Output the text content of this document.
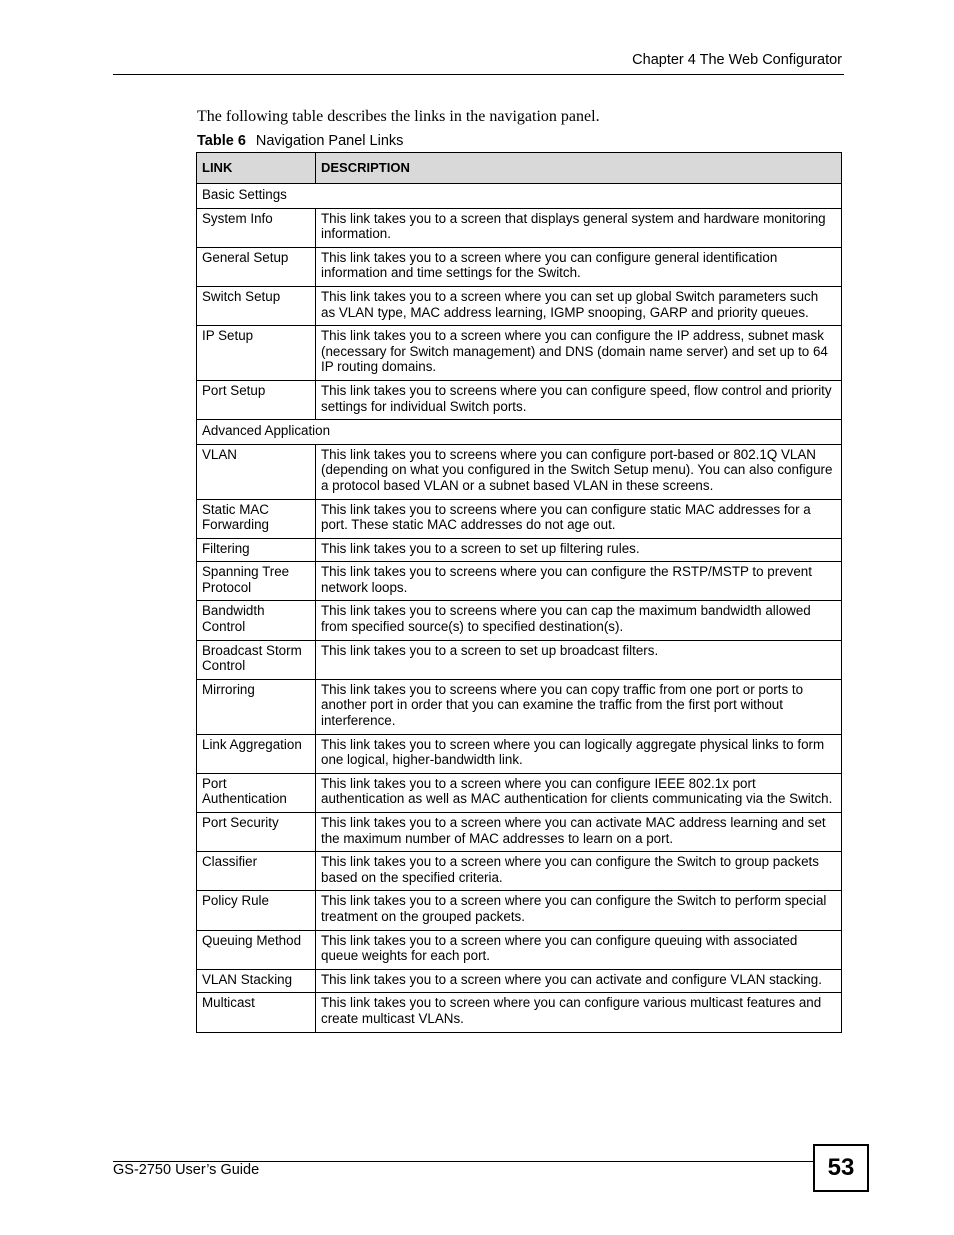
Chapter 4 The Web Configurator
The following table describes the links in the navigation panel.
Table 6 Navigation Panel Links
LINK	DESCRIPTION
Basic Settings	
System Info	This link takes you to a screen that displays general system and hardware monitoring information.
General Setup	This link takes you to a screen where you can configure general identification information and time settings for the Switch.
Switch Setup	This link takes you to a screen where you can set up global Switch parameters such as VLAN type, MAC address learning, IGMP snooping, GARP and priority queues.
IP Setup	This link takes you to a screen where you can configure the IP address, subnet mask (necessary for Switch management) and DNS (domain name server) and set up to 64 IP routing domains.
Port Setup	This link takes you to screens where you can configure speed, flow control and priority settings for individual Switch ports.
Advanced Application	
VLAN	This link takes you to screens where you can configure port-based or 802.1Q VLAN (depending on what you configured in the Switch Setup menu). You can also configure a protocol based VLAN or a subnet based VLAN in these screens.
Static MAC Forwarding	This link takes you to screens where you can configure static MAC addresses for a port. These static MAC addresses do not age out.
Filtering	This link takes you to a screen to set up filtering rules.
Spanning Tree Protocol	This link takes you to screens where you can configure the RSTP/MSTP to prevent network loops.
Bandwidth Control	This link takes you to screens where you can cap the maximum bandwidth allowed from specified source(s) to specified destination(s).
Broadcast Storm Control	This link takes you to a screen to set up broadcast filters.
Mirroring	This link takes you to screens where you can copy traffic from one port or ports to another port in order that you can examine the traffic from the first port without interference.
Link Aggregation	This link takes you to screen where you can logically aggregate physical links to form one logical, higher-bandwidth link.
Port Authentication	This link takes you to a screen where you can configure IEEE 802.1x port authentication as well as MAC authentication for clients communicating via the Switch.
Port Security	This link takes you to a screen where you can activate MAC address learning and set the maximum number of MAC addresses to learn on a port.
Classifier	This link takes you to a screen where you can configure the Switch to group packets based on the specified criteria.
Policy Rule	This link takes you to a screen where you can configure the Switch to perform special treatment on the grouped packets.
Queuing Method	This link takes you to a screen where you can configure queuing with associated queue weights for each port.
VLAN Stacking	This link takes you to a screen where you can activate and configure VLAN stacking.
Multicast	This link takes you to screen where you can configure various multicast features and create multicast VLANs.
GS-2750 User’s Guide	53
